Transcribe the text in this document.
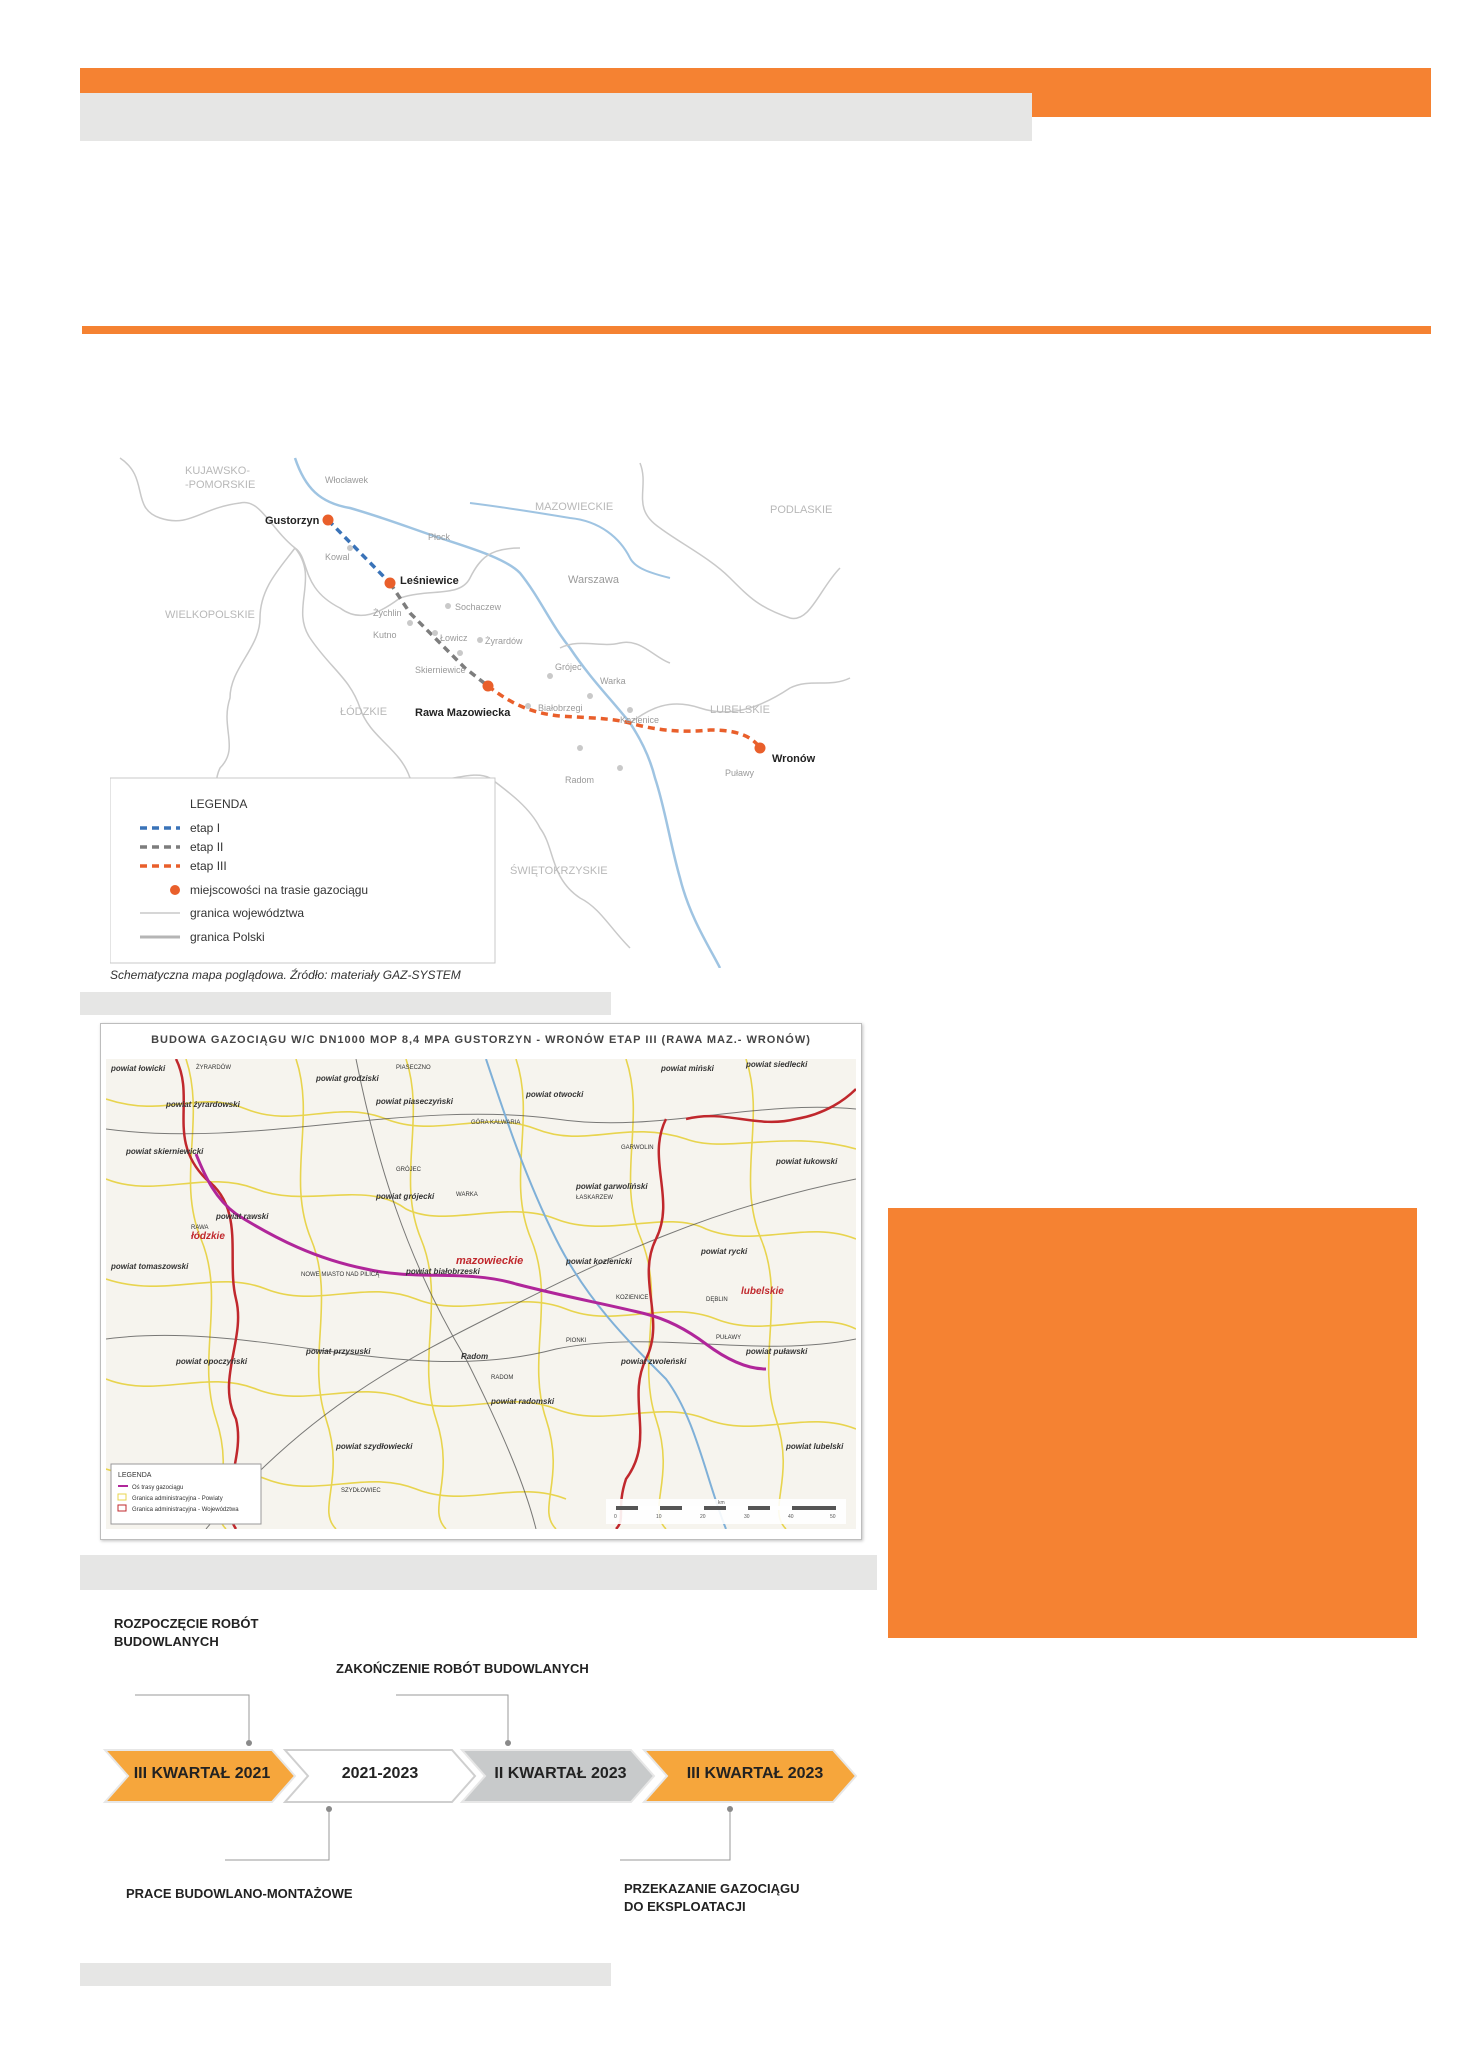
KUJAWSKO-
-POMORSKIE
MAZOWIECKIE	PODLASKIE
WIELKOPOLSKIE
ŁÓDZKIE	LUBELSKIE
ŚWIĘTOKRZYSKIE
Włocławek
Płock
Kowal
Warszawa
Sochaczew
Żychlin
Kutno	Łowicz Żyrardów
Grójec
Warka
Skierniewice
Białobrzegi
Kozienice
Radom
Puławy
Gustorzyn
Leśniewice
Rawa Mazowiecka
Wronów
LEGENDA
etap I
etap II
etap III
miejscowości na trasie gazociągu
granica województwa
granica Polski
Schematyczna mapa poglądowa. Źródło: materiały GAZ-SYSTEM
BUDOWA GAZOCIĄGU W/C DN1000 MOP 8,4 MPA GUSTORZYN - WRONÓW ETAP III (RAWA MAZ.- WRONÓW)
powiat łowicki
powiat żyrardowski
powiat grodziski
powiat piaseczyński
powiat otwocki
powiat miński	powiat siedlecki
powiat skierniewicki
powiat łukowski
powiat garwoliński
powiat grójecki
powiat rawski
łódzkie
mazowieckie	powiat kozienicki
powiat białobrzeski
powiat rycki
lubelskie
powiat tomaszowski
powiat przysuski	powiat puławski
powiat opoczyński
Radom
powiat zwoleński
powiat radomski
powiat szydłowiecki	powiat lubelski
GARWOLIN
GRÓJEC
WARKA
PUŁAWY
DĘBLIN
KOZIENICE
PIONKI
RADOM
SZYDŁOWIEC
PIASECZNO
ŻYRARDÓW
GÓRA KALWARIA
RAWA
NOWE MIASTO NAD PILICĄ
ŁASKARZEW
LEGENDA
Oś trasy gazociągu
Granica administracyjna - Powiaty
Granica administracyjna - Województwa
km
0	10	20	30	40	50
ROZPOCZĘCIE ROBÓT
BUDOWLANYCH
ZAKOŃCZENIE ROBÓT BUDOWLANYCH
PRACE BUDOWLANO-MONTAŻOWE	PRZEKAZANIE GAZOCIĄGU
DO EKSPLOATACJI
III KWARTAŁ 2021	2021-2023	II KWARTAŁ 2023	III KWARTAŁ 2023
